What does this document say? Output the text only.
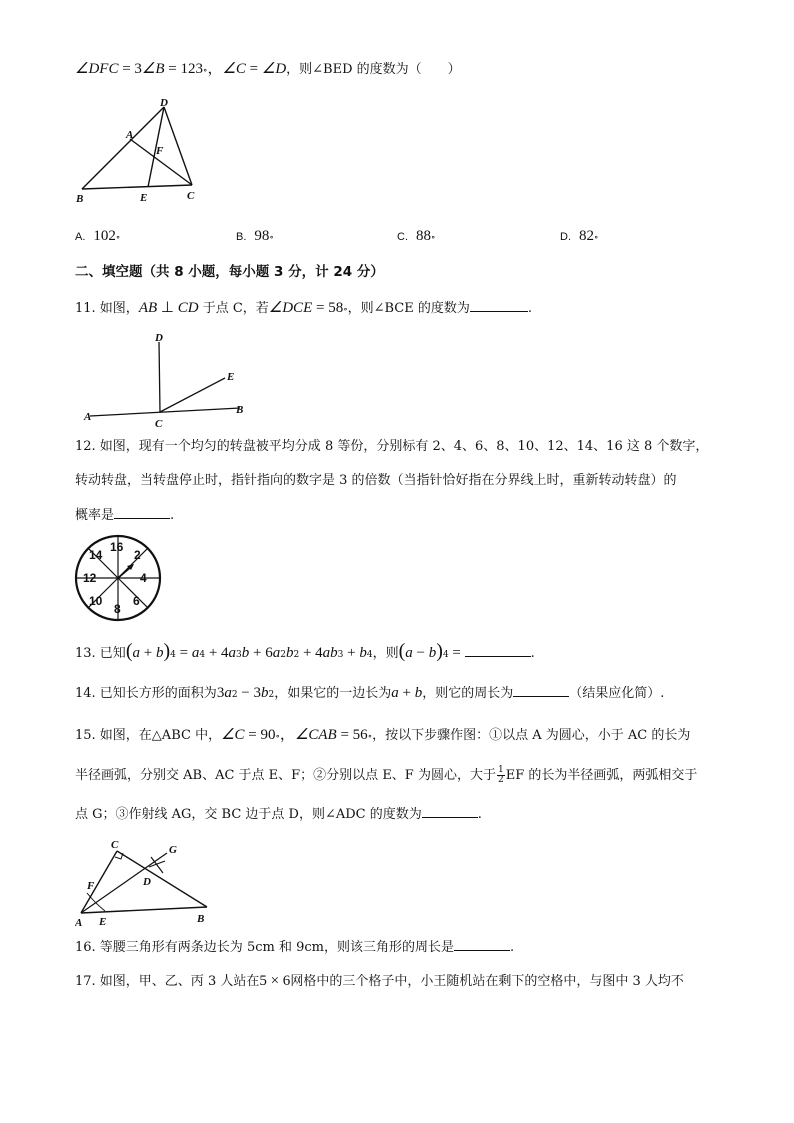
∠DFC = 3∠B = 123∘，∠C = ∠D，则∠BED 的度数为（　　）
D
A
F
B	E	C
A. 102∘	B. 98∘	C. 88∘	D. 82∘
二、填空题（共 8 小题，每小题 3 分，计 24 分）
11. 如图，AB ⊥ CD 于点 C，若∠DCE = 58∘，则∠BCE 的度数为	.
D
E
A
B
C
12. 如图，现有一个均匀的转盘被平均分成 8 等份，分别标有 2、4、6、8、10、12、14、16 这 8 个数字，
转动转盘，当转盘停止时，指针指向的数字是 3 的倍数（当指针恰好指在分界线上时，重新转动转盘）的
概率是	.
16
2
4
6
8
10
12
14
13. 已知(a + b)4 = a4 + 4a3b + 6a2b2 + 4ab3 + b4，则(a − b)4 =	.
14. 已知长方形的面积为3a2 − 3b2，如果它的一边长为a + b，则它的周长为	（结果应化简）.
15. 如图，在△ABC 中，∠C = 90∘，∠CAB = 56∘，按以下步骤作图：①以点 A 为圆心，小于 AC 的长为
半径画弧，分别交 AB、AC 于点 E、F；②分别以点 E、F 为圆心，大于 $\frac{1}{2}$ EF 的长为半径画弧，两弧相交于
点 G；③作射线 AG，交 BC 边于点 D，则∠ADC 的度数为	.
C	G
D
F
A E	B
16. 等腰三角形有两条边长为 5cm 和 9cm，则该三角形的周长是	.
17. 如图，甲、乙、丙 3 人站在5 × 6网格中的三个格子中，小王随机站在剩下的空格中，与图中 3 人均不
